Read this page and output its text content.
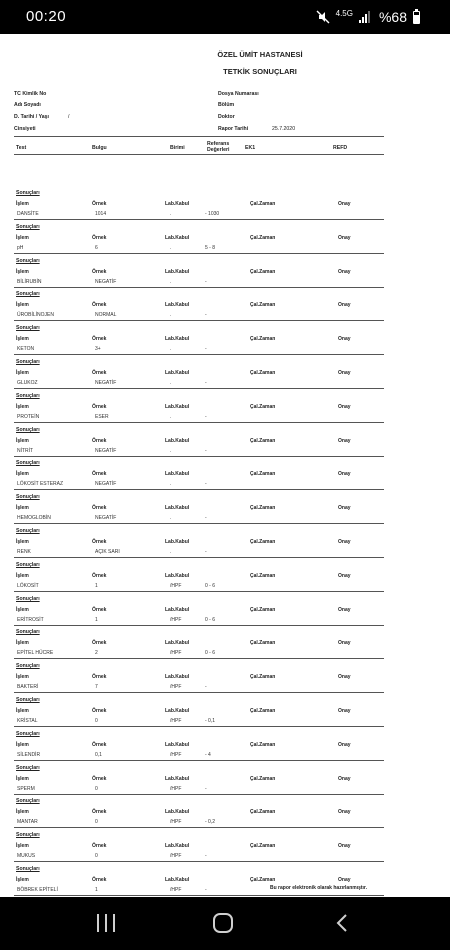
00:20	4.5G %68
ÖZEL ÜMİT HASTANESİ
TETKİK SONUÇLARI
TC Kimlik No
Adı Soyadı
D. Tarihi / Yaşı	/
Cinsiyeti
Dosya Numarası
Bölüm
Doktor
Rapor Tarihi	25.7.2020
Test	Bulgu	Birimi
Referans
Değerleri	EK1	REFD
Sonuçları
İşlem	Örnek	Lab.Kabul	Çal.Zaman	Onay
DANSİTE	1014	.	- 1030
Sonuçları
İşlem	Örnek	Lab.Kabul	Çal.Zaman	Onay
pH	6	.	5 - 8
Sonuçları
İşlem	Örnek	Lab.Kabul	Çal.Zaman	Onay
BİLİRUBİN	NEGATİF	.	-
Sonuçları
İşlem	Örnek	Lab.Kabul	Çal.Zaman	Onay
ÜROBİLİNOJEN	NORMAL	.	-
Sonuçları
İşlem	Örnek	Lab.Kabul	Çal.Zaman	Onay
KETON	3+	.	-
Sonuçları
İşlem	Örnek	Lab.Kabul	Çal.Zaman	Onay
GLUKOZ	NEGATİF	.	-
Sonuçları
İşlem	Örnek	Lab.Kabul	Çal.Zaman	Onay
PROTEİN	ESER	.	-
Sonuçları
İşlem	Örnek	Lab.Kabul	Çal.Zaman	Onay
NİTRİT	NEGATİF	.	-
Sonuçları
İşlem	Örnek	Lab.Kabul	Çal.Zaman	Onay
LÖKOSİT ESTERAZ	NEGATİF	.	-
Sonuçları
İşlem	Örnek	Lab.Kabul	Çal.Zaman	Onay
HEMOGLOBİN	NEGATİF	.	-
Sonuçları
İşlem	Örnek	Lab.Kabul	Çal.Zaman	Onay
RENK	AÇIK SARI	.	-
Sonuçları
İşlem	Örnek	Lab.Kabul	Çal.Zaman	Onay
LÖKOSİT	1	/HPF	0 - 6
Sonuçları
İşlem	Örnek	Lab.Kabul	Çal.Zaman	Onay
ERİTROSİT	1	/HPF	0 - 6
Sonuçları
İşlem	Örnek	Lab.Kabul	Çal.Zaman	Onay
EPİTEL HÜCRE	2	/HPF	0 - 6
Sonuçları
İşlem	Örnek	Lab.Kabul	Çal.Zaman	Onay
BAKTERİ	7	/HPF	-
Sonuçları
İşlem	Örnek	Lab.Kabul	Çal.Zaman	Onay
KRİSTAL	0	/HPF	- 0,1
Sonuçları
İşlem	Örnek	Lab.Kabul	Çal.Zaman	Onay
SİLENDİR	0,1	/HPF	- 4
Sonuçları
İşlem	Örnek	Lab.Kabul	Çal.Zaman	Onay
SPERM	0	/HPF	-
Sonuçları
İşlem	Örnek	Lab.Kabul	Çal.Zaman	Onay
MANTAR	0	/HPF	- 0,2
Sonuçları
İşlem	Örnek	Lab.Kabul	Çal.Zaman	Onay
MUKUS	0	/HPF	-
Sonuçları
İşlem	Örnek	Lab.Kabul	Çal.Zaman	Onay
BÖBREK EPİTELİ	1	/HPF	-	Bu rapor elektronik olarak hazırlanmıştır.
